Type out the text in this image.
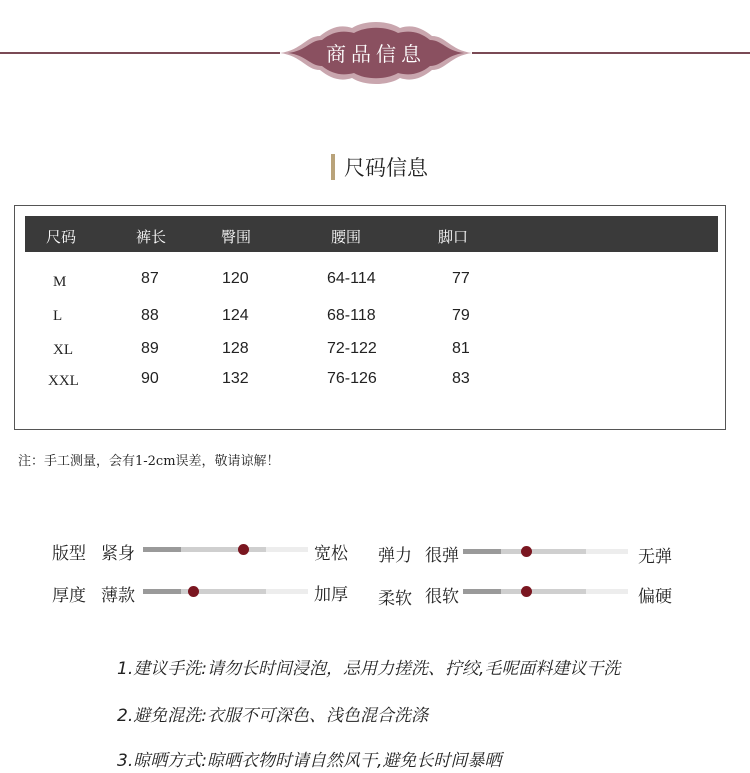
商品信息
尺码信息
尺码	裤长	臀围	腰围	脚口
M	87	120	64-114	77
L	88	124	68-118	79
XL	89	128	72-122	81
XXL	90	132	76-126	83
注：手工测量，会有1-2cm误差，敬请谅解！
版型 紧身	宽松 弹力 很弹	无弹
厚度 薄款	加厚 柔软 很软	偏硬
1.建议手洗:请勿长时间浸泡，忌用力搓洗、拧绞,毛呢面料建议干洗
2.避免混洗:衣服不可深色、浅色混合洗涤
3.晾晒方式:晾晒衣物时请自然风干,避免长时间暴晒
